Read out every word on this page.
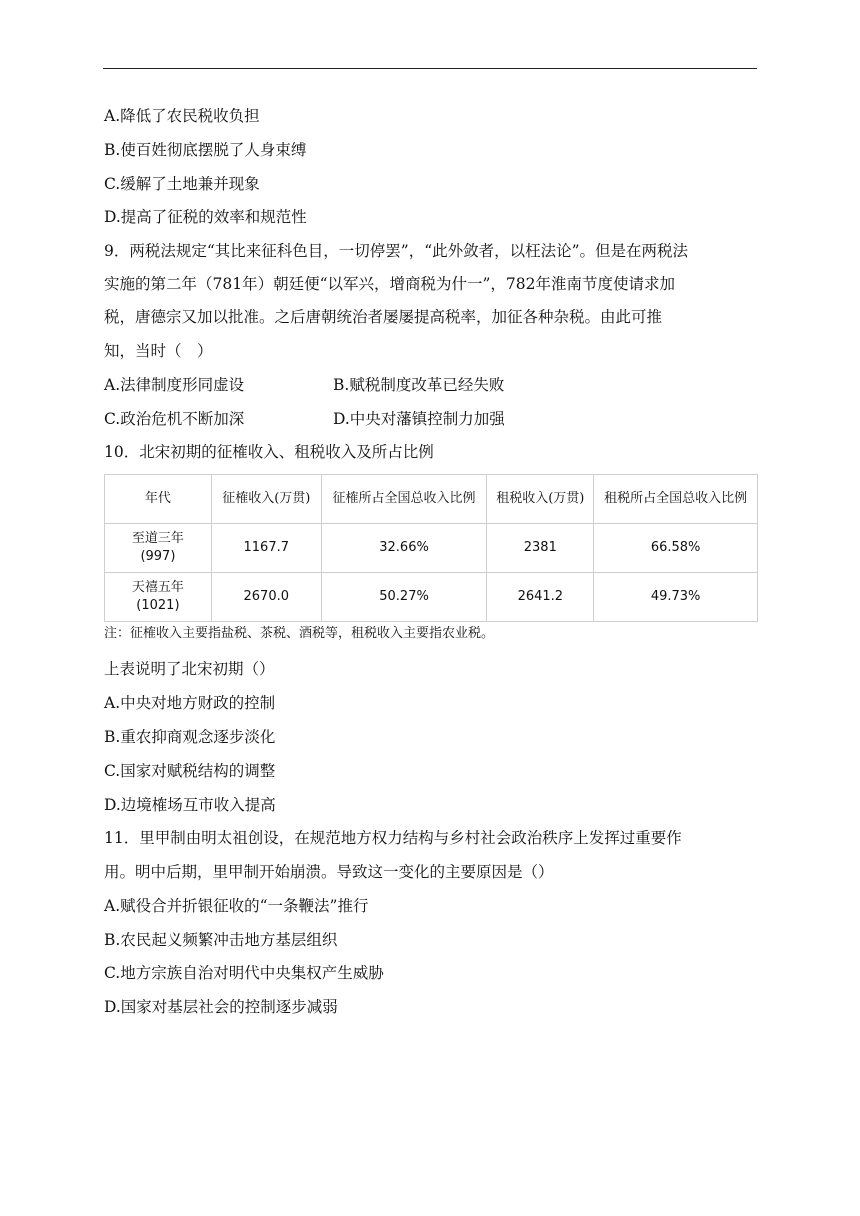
A.降低了农民税收负担
B.使百姓彻底摆脱了人身束缚
C.缓解了土地兼并现象
D.提高了征税的效率和规范性
9．两税法规定“其比来征科色目，一切停罢”，“此外敛者，以枉法论”。但是在两税法
实施的第二年（781年）朝廷便“以军兴，增商税为什一”，782年淮南节度使请求加
税，唐德宗又加以批准。之后唐朝统治者屡屡提高税率，加征各种杂税。由此可推
知，当时（　）
A.法律制度形同虚设	B.赋税制度改革已经失败
C.政治危机不断加深	D.中央对藩镇控制力加强
10．北宋初期的征榷收入、租税收入及所占比例
年代	征榷收入(万贯)	征榷所占全国总收入比例	租税收入(万贯)	租税所占全国总收入比例

至道三年
(997)	1167.7	32.66%	2381	66.58%

天禧五年
(1021)	2670.0	50.27%	2641.2	49.73%
注：征榷收入主要指盐税、茶税、酒税等，租税收入主要指农业税。
上表说明了北宋初期（）
A.中央对地方财政的控制
B.重农抑商观念逐步淡化
C.国家对赋税结构的调整
D.边境榷场互市收入提高
11．里甲制由明太祖创设，在规范地方权力结构与乡村社会政治秩序上发挥过重要作
用。明中后期，里甲制开始崩溃。导致这一变化的主要原因是（）
A.赋役合并折银征收的“一条鞭法”推行
B.农民起义频繁冲击地方基层组织
C.地方宗族自治对明代中央集权产生威胁
D.国家对基层社会的控制逐步减弱
